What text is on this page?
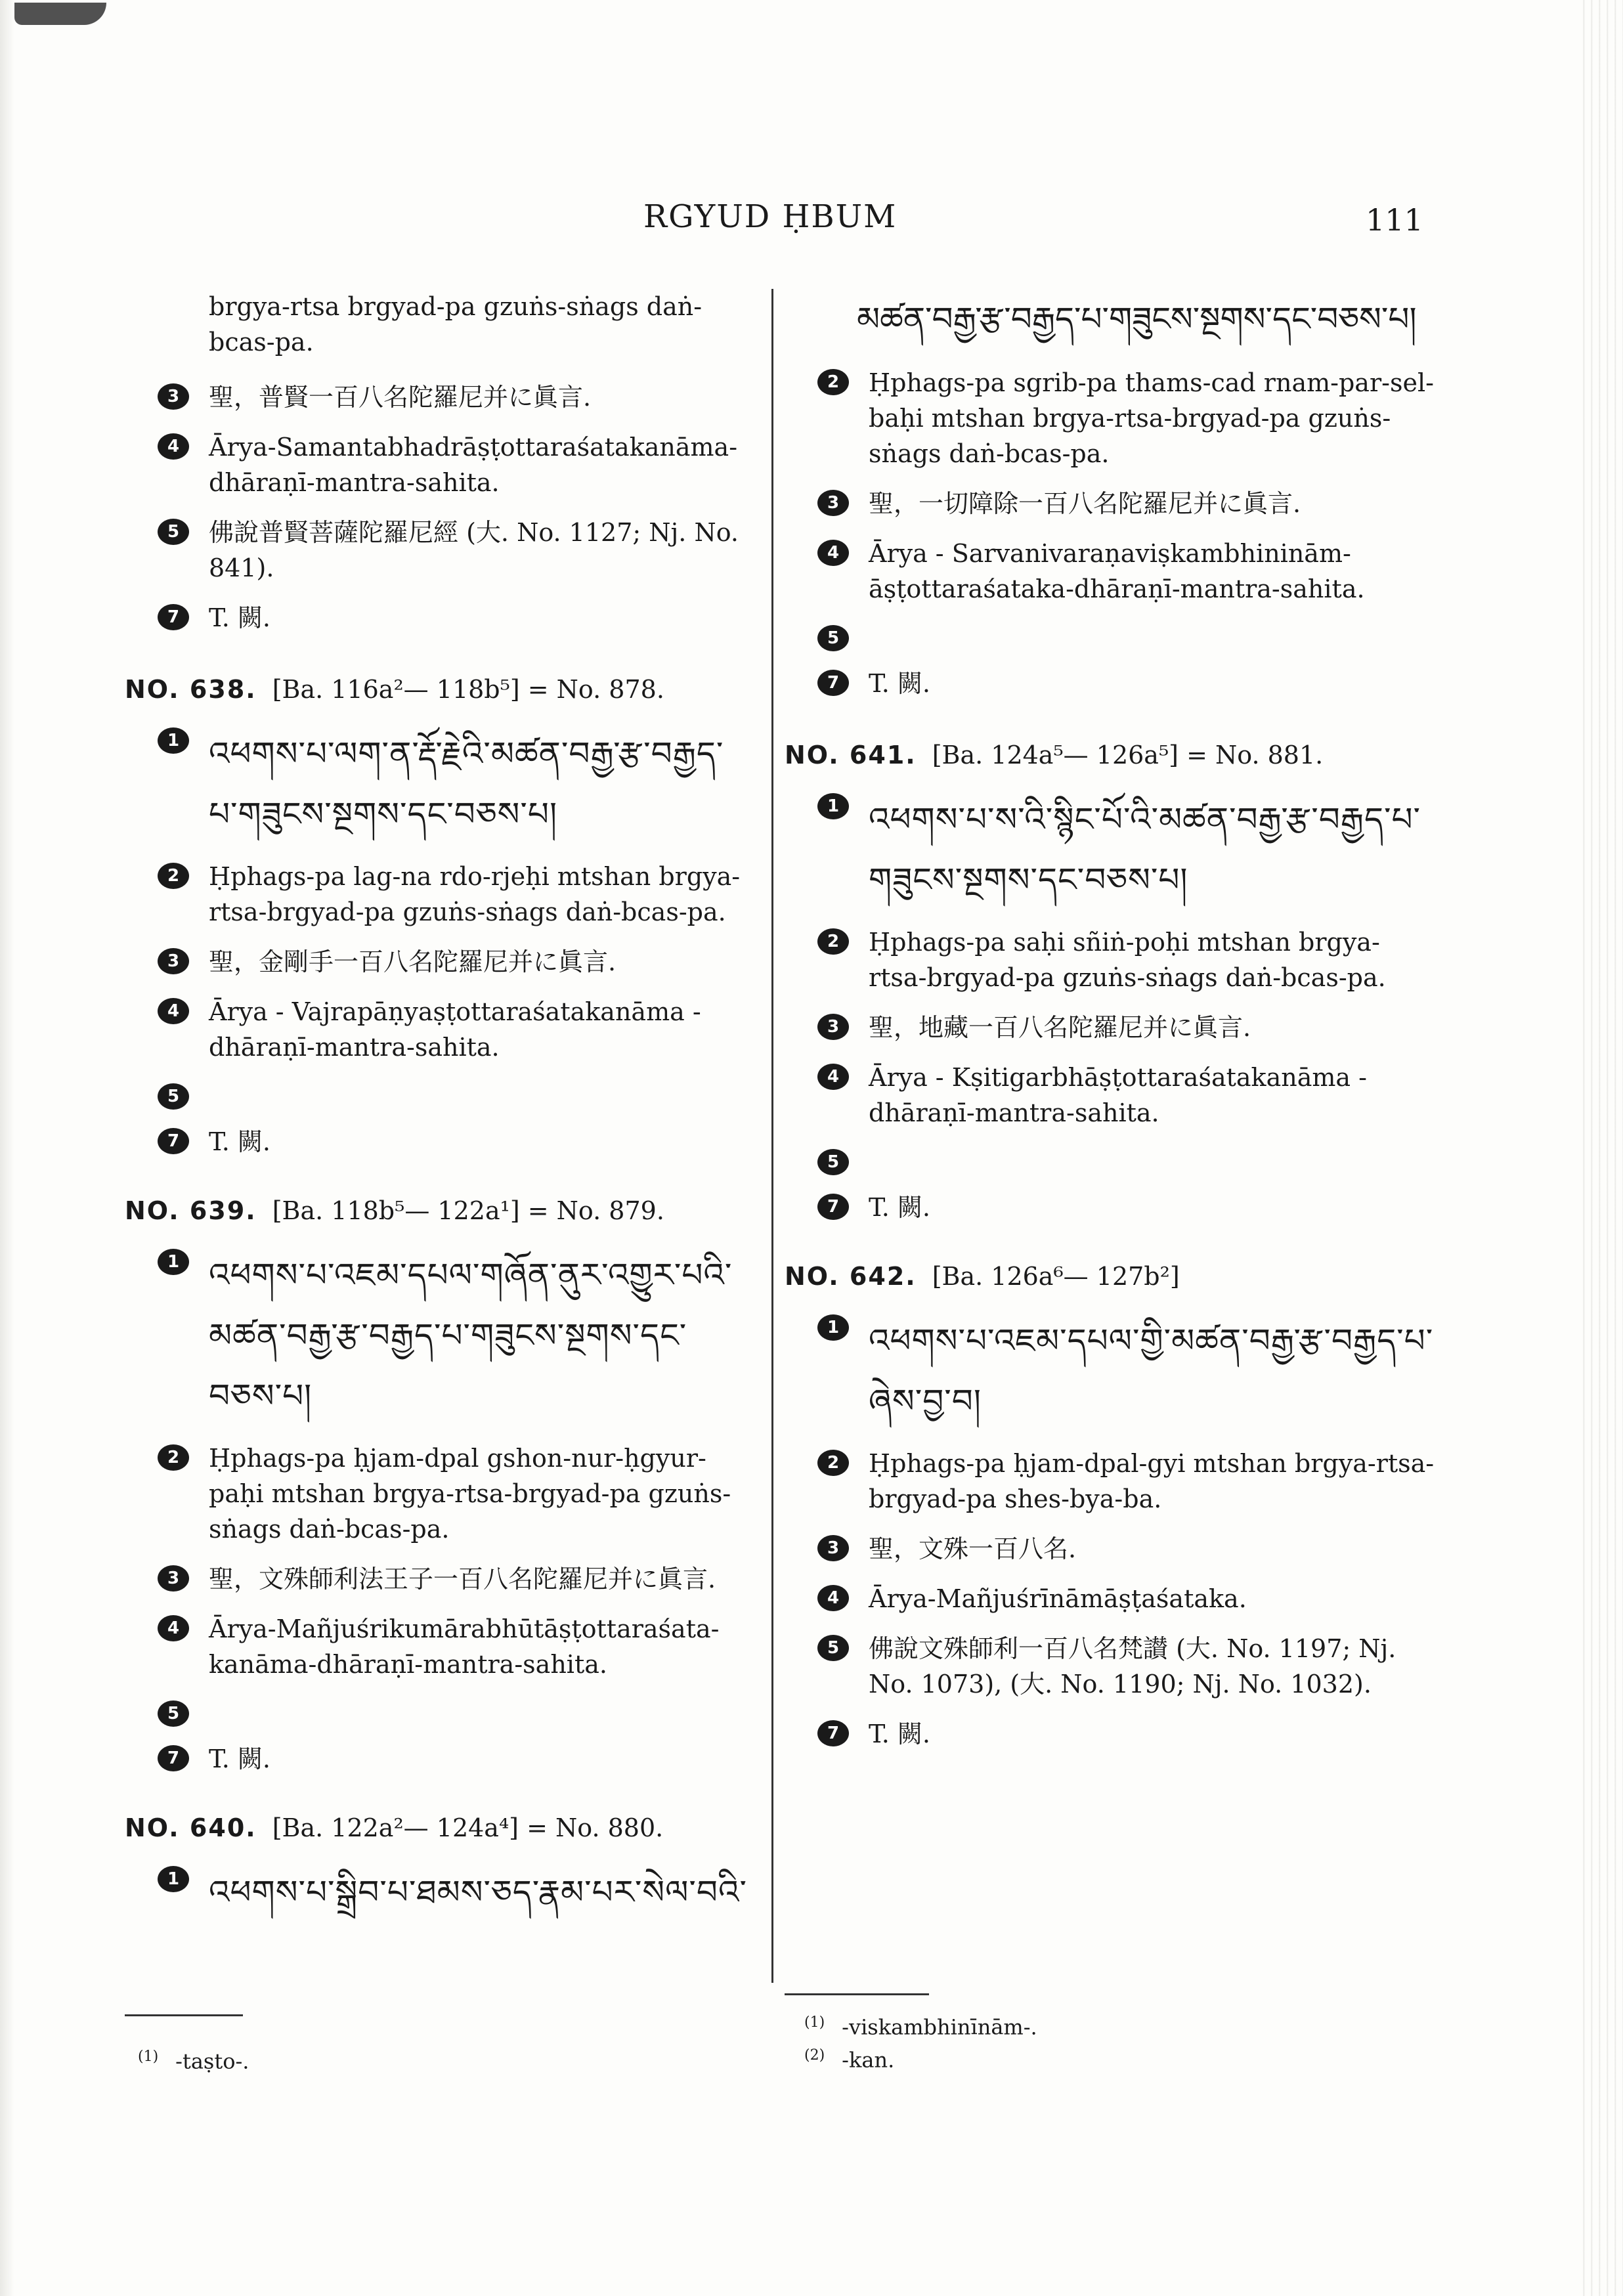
RGYUD ḤBUM	111
brgya-rtsa brgyad-pa gzuṅs-sṅags daṅ-
bcas-pa.
3	聖，普賢一百八名陀羅尼并に眞言.
4	Ārya-Samantabhadrāṣṭottaraśatakanāma-dhāraṇī-mantra-sahita.
5	佛說普賢菩薩陀羅尼經 (大. No. 1127; Nj. No. 841).
7	T. 闕.
NO. 638. [Ba. 116a²— 118b⁵] = No. 878.
1 འཕགས་པ་ལག་ན་རྡོ་རྗེའི་མཚན་བརྒྱ་རྩ་བརྒྱད་པ་གཟུངས་སྔགས་དང་བཅས་པ།
2	Ḥphags-pa lag-na rdo-rjeḥi mtshan brgya-rtsa-brgyad-pa gzuṅs-sṅags daṅ-bcas-pa.
3	聖，金剛手一百八名陀羅尼并に眞言.
4	Ārya - Vajrapāṇyaṣṭottaraśatakanāma - dhāraṇī-mantra-sahita.
5
7	T. 闕.
NO. 639. [Ba. 118b⁵— 122a¹] = No. 879.
1 འཕགས་པ་འཇམ་དཔལ་གཞོན་ནུར་འགྱུར་པའི་མཚན་བརྒྱ་རྩ་བརྒྱད་པ་གཟུངས་སྔགས་དང་བཅས་པ།
2	Ḥphags-pa ḥjam-dpal gshon-nur-ḥgyur-paḥi mtshan brgya-rtsa-brgyad-pa gzuṅs-sṅags daṅ-bcas-pa.
3	聖，文殊師利法王子一百八名陀羅尼并に眞言.
4	Ārya-Mañjuśrikumārabhūtāṣṭottaraśata-kanāma-dhāraṇī-mantra-sahita.
5
7	T. 闕.
NO. 640. [Ba. 122a²— 124a⁴] = No. 880.
1 འཕགས་པ་སྒྲིབ་པ་ཐམས་ཅད་རྣམ་པར་སེལ་བའི་
$^{(1)}$ -taṣto-.
མཚན་བརྒྱ་རྩ་བརྒྱད་པ་གཟུངས་སྔགས་དང་བཅས་པ།
2	Ḥphags-pa sgrib-pa thams-cad rnam-par-sel-baḥi mtshan brgya-rtsa-brgyad-pa gzuṅs-sṅags daṅ-bcas-pa.
3	聖，一切障除一百八名陀羅尼并に眞言.
4	Ārya - Sarvanivaraṇaviṣkambhininām-āṣṭottaraśataka-dhāraṇī-mantra-sahita.
5
7	T. 闕.
NO. 641. [Ba. 124a⁵— 126a⁵] = No. 881.
1 འཕགས་པ་ས་འི་སྙིང་པོ་འི་མཚན་བརྒྱ་རྩ་བརྒྱད་པ་གཟུངས་སྔགས་དང་བཅས་པ།
2	Ḥphags-pa saḥi sñiṅ-poḥi mtshan brgya-rtsa-brgyad-pa gzuṅs-sṅags daṅ-bcas-pa.
3	聖，地藏一百八名陀羅尼并に眞言.
4	Ārya - Kṣitigarbhāṣṭottaraśatakanāma - dhāraṇī-mantra-sahita.
5
7	T. 闕.
NO. 642. [Ba. 126a⁶— 127b²]
1 འཕགས་པ་འཇམ་དཔལ་གྱི་མཚན་བརྒྱ་རྩ་བརྒྱད་པ་ཞེས་བྱ་བ།
2	Ḥphags-pa ḥjam-dpal-gyi mtshan brgya-rtsa-brgyad-pa shes-bya-ba.
3	聖，文殊一百八名.
4	Ārya-Mañjuśrīnāmāṣṭaśataka.
5	佛說文殊師利一百八名梵讃 (大. No. 1197; Nj. No. 1073), (大. No. 1190; Nj. No. 1032).
7	T. 闕.
$^{(1)}$ -viskambhinīnām-.
$^{(2)}$ -kan.
